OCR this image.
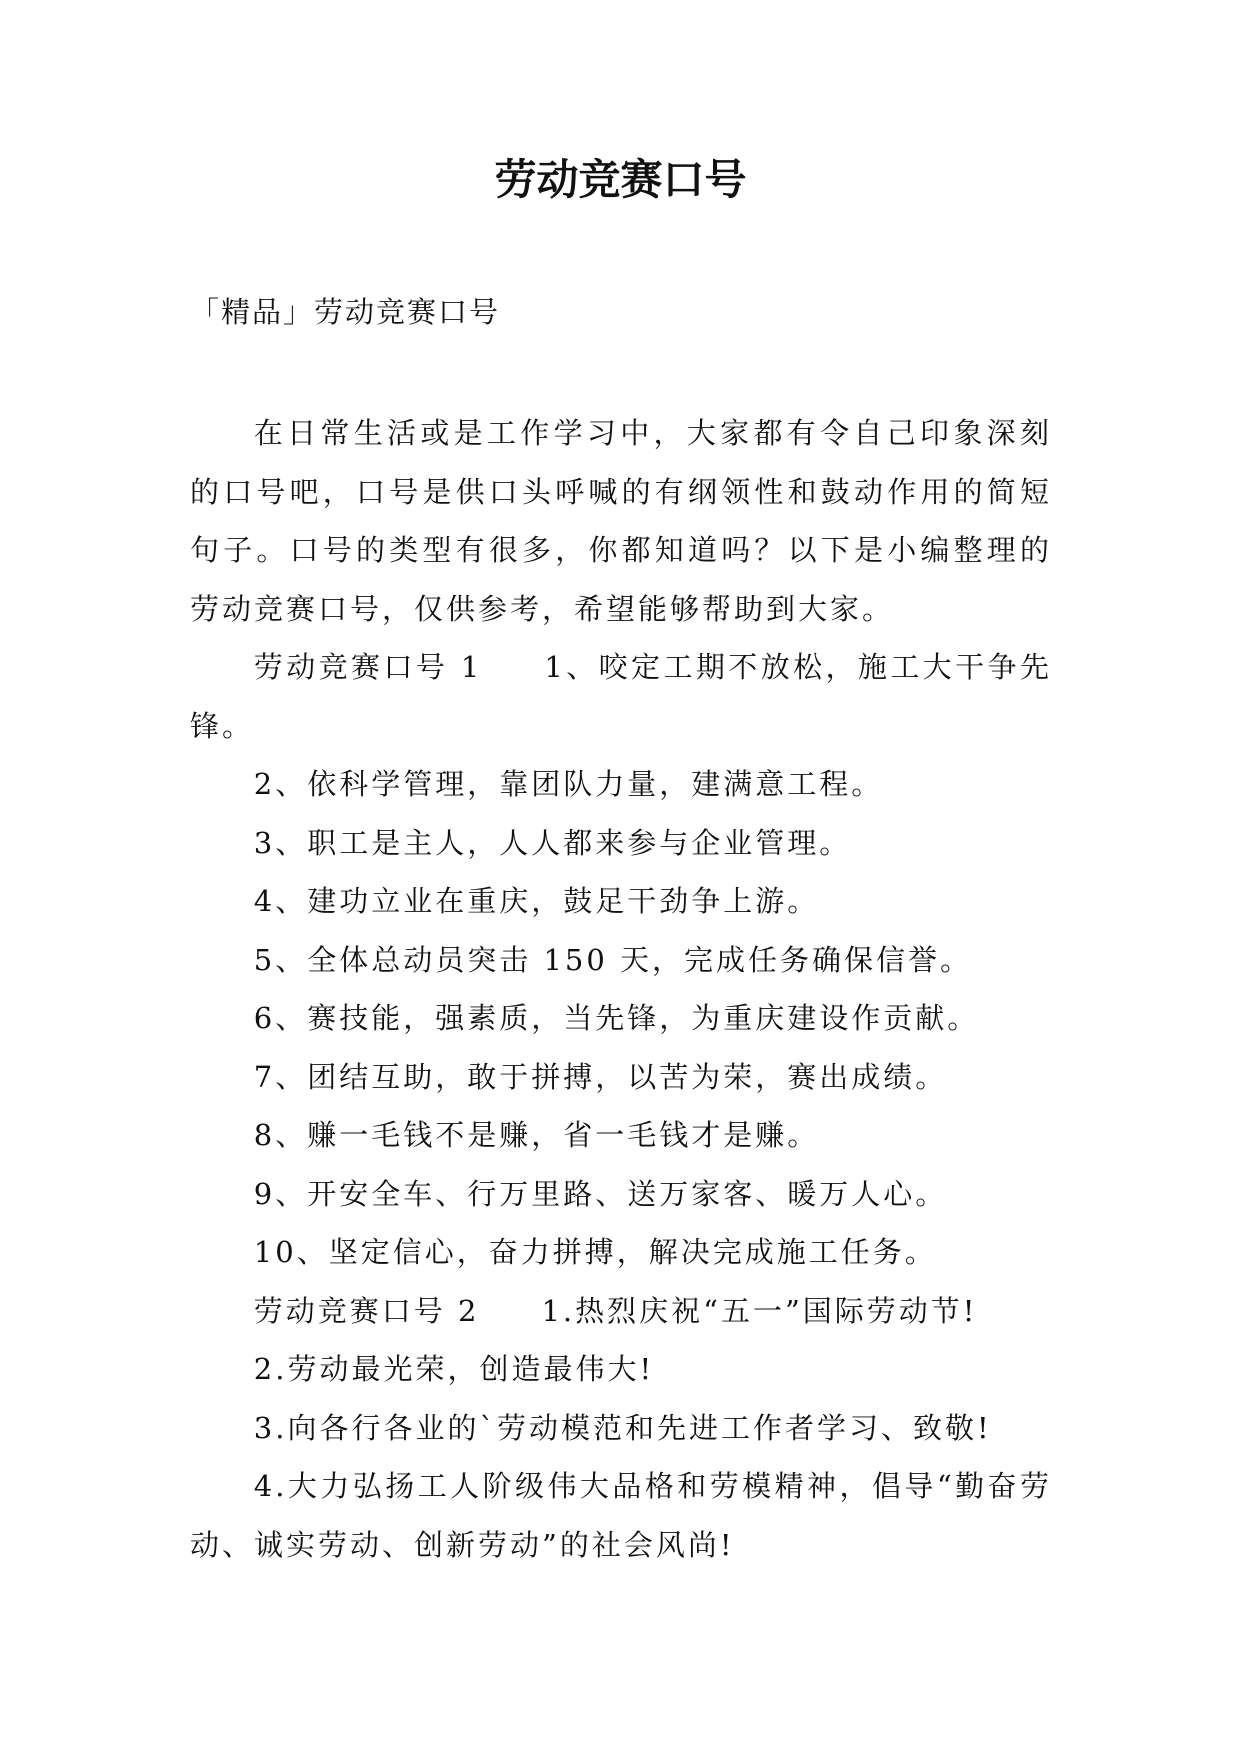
劳动竞赛口号

「精品」劳动竞赛口号

在日常生活或是工作学习中，大家都有令自己印象深刻的口号吧，口号是供口头呼喊的有纲领性和鼓动作用的简短句子。口号的类型有很多，你都知道吗？以下是小编整理的劳动竞赛口号，仅供参考，希望能够帮助到大家。

劳动竞赛口号 1 1、咬定工期不放松，施工大干争先锋。

2、依科学管理，靠团队力量，建满意工程。

3、职工是主人，人人都来参与企业管理。

4、建功立业在重庆，鼓足干劲争上游。

5、全体总动员突击 150 天，完成任务确保信誉。

6、赛技能，强素质，当先锋，为重庆建设作贡献。

7、团结互助，敢于拼搏，以苦为荣，赛出成绩。

8、赚一毛钱不是赚，省一毛钱才是赚。

9、开安全车、行万里路、送万家客、暖万人心。

10、坚定信心，奋力拼搏，解决完成施工任务。

劳动竞赛口号 2 1.热烈庆祝“五一”国际劳动节!

2.劳动最光荣，创造最伟大!

3.向各行各业的`劳动模范和先进工作者学习、致敬!

4.大力弘扬工人阶级伟大品格和劳模精神，倡导“勤奋劳动、诚实劳动、创新劳动”的社会风尚!
